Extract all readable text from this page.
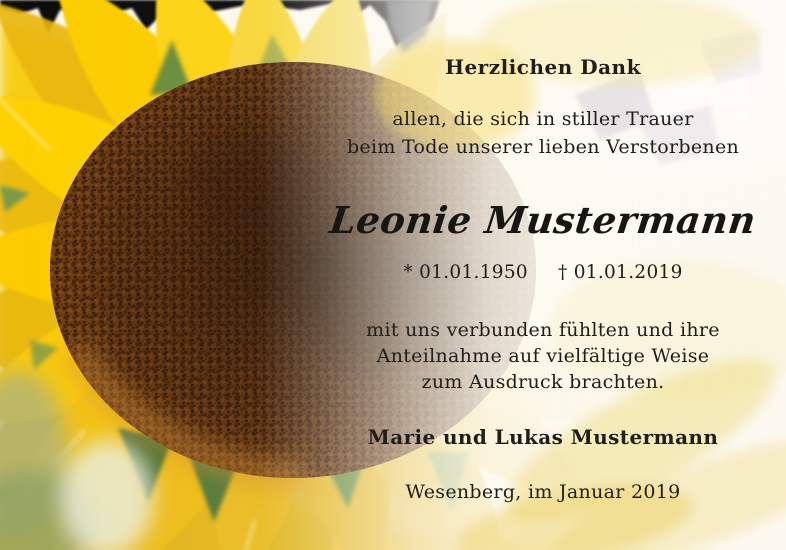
Herzlichen Dank
allen, die sich in stiller Trauer
beim Tode unserer lieben Verstorbenen
Leonie Mustermann
* 01.01.1950 † 01.01.2019
mit uns verbunden fühlten und ihre
Anteilnahme auf vielfältige Weise
zum Ausdruck brachten.
Marie und Lukas Mustermann
Wesenberg, im Januar 2019
